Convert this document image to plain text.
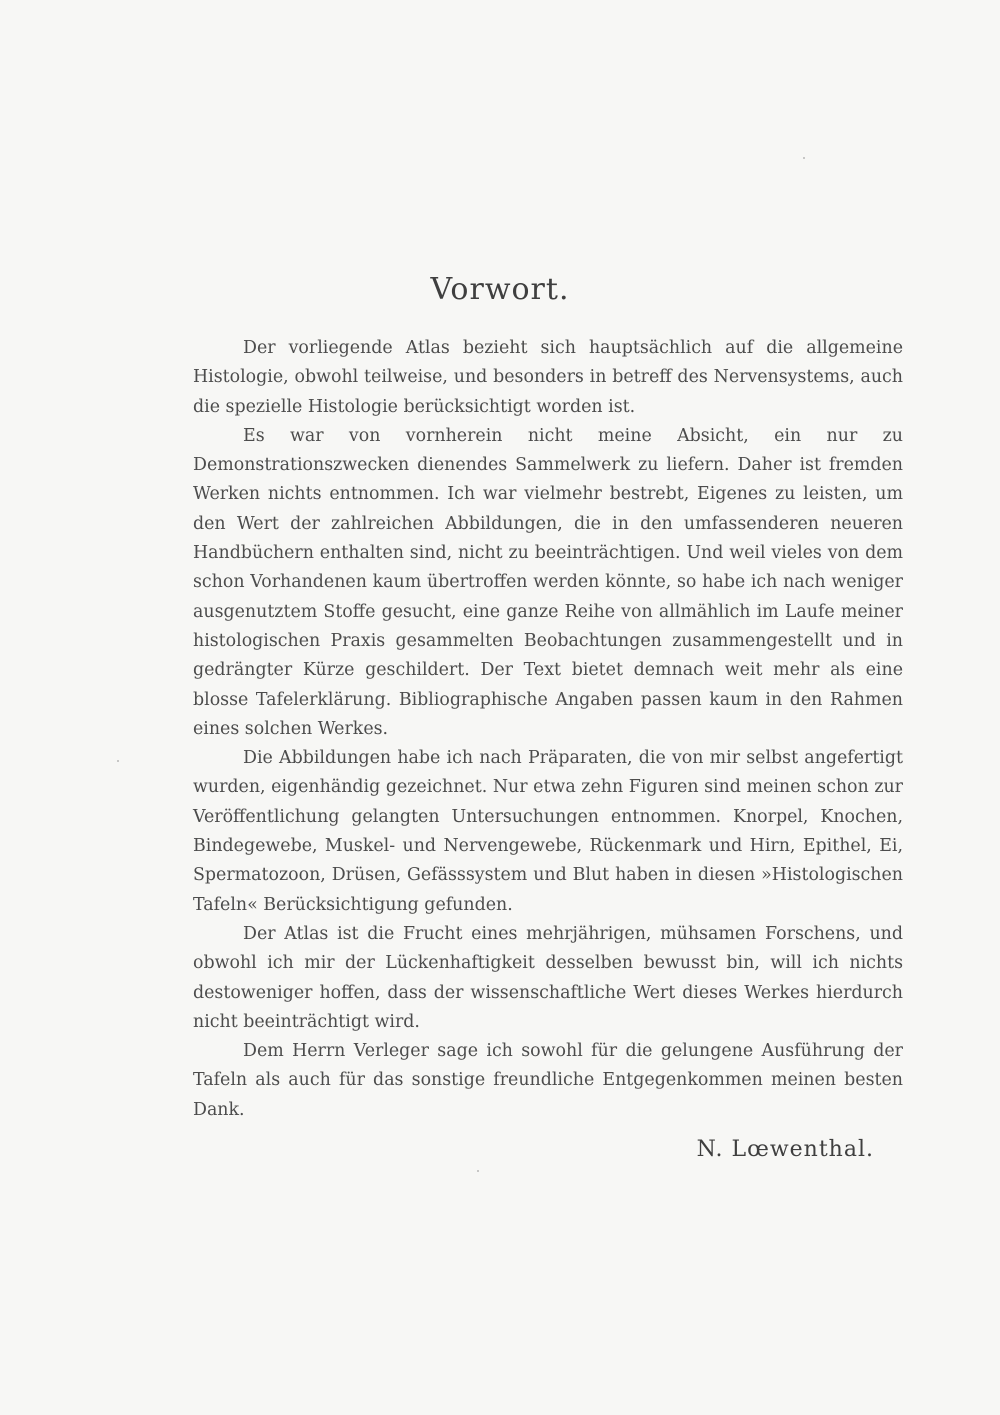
Vorwort.

Der vorliegende Atlas bezieht sich hauptsächlich auf die allgemeine Histologie, obwohl teilweise, und besonders in betreff des Nervensystems, auch die spezielle Histologie berücksichtigt worden ist.

Es war von vornherein nicht meine Absicht, ein nur zu Demonstrationszwecken dienendes Sammelwerk zu liefern. Daher ist fremden Werken nichts entnommen. Ich war vielmehr bestrebt, Eigenes zu leisten, um den Wert der zahlreichen Abbildungen, die in den umfassenderen neueren Handbüchern enthalten sind, nicht zu beeinträchtigen. Und weil vieles von dem schon Vorhandenen kaum übertroffen werden könnte, so habe ich nach weniger ausgenutztem Stoffe gesucht, eine ganze Reihe von allmählich im Laufe meiner histologischen Praxis gesammelten Beobachtungen zusammengestellt und in gedrängter Kürze geschildert. Der Text bietet demnach weit mehr als eine blosse Tafelerklärung. Bibliographische Angaben passen kaum in den Rahmen eines solchen Werkes.

Die Abbildungen habe ich nach Präparaten, die von mir selbst angefertigt wurden, eigenhändig gezeichnet. Nur etwa zehn Figuren sind meinen schon zur Veröffentlichung gelangten Untersuchungen entnommen. Knorpel, Knochen, Bindegewebe, Muskel- und Nervengewebe, Rückenmark und Hirn, Epithel, Ei, Spermatozoon, Drüsen, Gefässsystem und Blut haben in diesen »Histologischen Tafeln« Berücksichtigung gefunden.

Der Atlas ist die Frucht eines mehrjährigen, mühsamen Forschens, und obwohl ich mir der Lückenhaftigkeit desselben bewusst bin, will ich nichts destoweniger hoffen, dass der wissenschaftliche Wert dieses Werkes hierdurch nicht beeinträchtigt wird.

Dem Herrn Verleger sage ich sowohl für die gelungene Ausführung der Tafeln als auch für das sonstige freundliche Entgegenkommen meinen besten Dank.

N. Lœwenthal.
